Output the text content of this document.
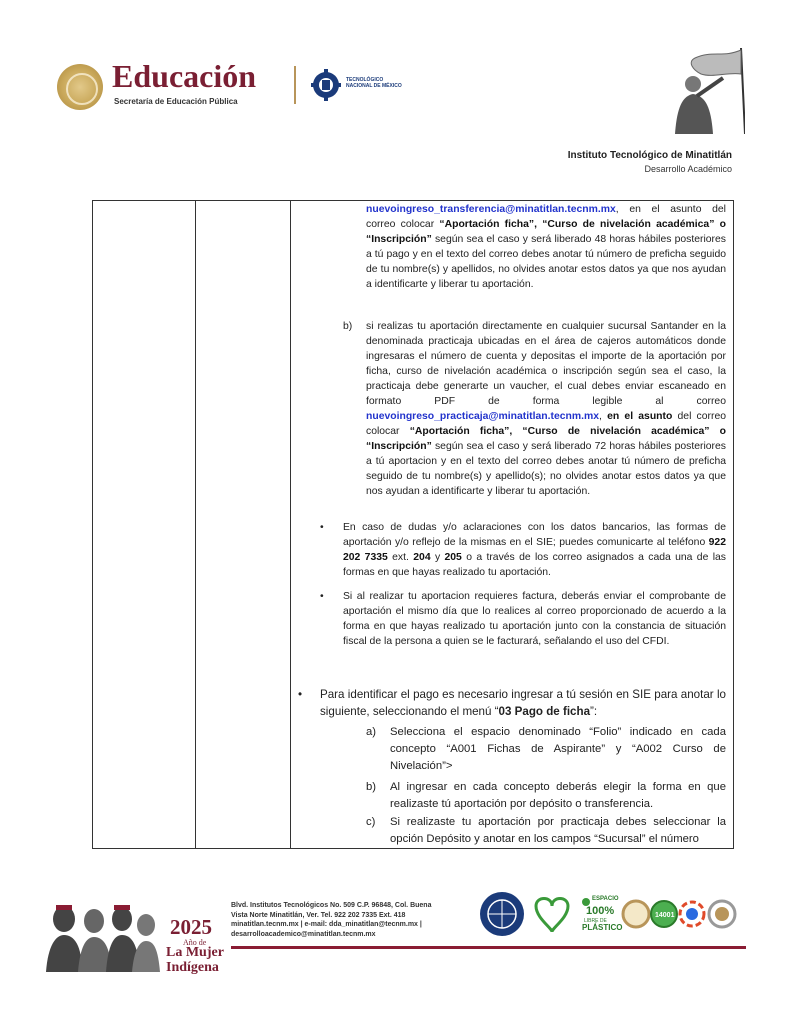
Educación
Secretaría de Educación Pública
TECNOLÓGICO
NACIONAL DE MÉXICO
Instituto Tecnológico de Minatitlán
Desarrollo Académico
nuevoingreso_transferencia@minatitlan.tecnm.mx, en el asunto del correo colocar “Aportación ficha”, “Curso de nivelación académica” o “Inscripción” según sea el caso y será liberado 48 horas hábiles posteriores a tú pago y en el texto del correo debes anotar tú número de preficha seguido de tu nombre(s) y apellidos, no olvides anotar estos datos ya que nos ayudan a identificarte y liberar tu aportación.
b) si realizas tu aportación directamente en cualquier sucursal Santander en la denominada practicaja ubicadas en el área de cajeros automáticos donde ingresaras el número de cuenta y depositas el importe de la aportación por ficha, curso de nivelación académica o inscripción según sea el caso, la practicaja debe generarte un vaucher, el cual debes enviar escaneado en formato PDF de forma legible al correo nuevoingreso_practicaja@minatitlan.tecnm.mx, en el asunto del correo colocar “Aportación ficha”, “Curso de nivelación académica” o “Inscripción” según sea el caso y será liberado 72 horas hábiles posteriores a tú aportacion y en el texto del correo debes anotar tú número de preficha seguido de tu nombre(s) y apellido(s); no olvides anotar estos datos ya que nos ayudan a identificarte y liberar tu aportación.
• En caso de dudas y/o aclaraciones con los datos bancarios, las formas de aportación y/o reflejo de la mismas en el SIE; puedes comunicarte al teléfono 922 202 7335 ext. 204 y 205 o a través de los correo asignados a cada una de las formas en que hayas realizado tu aportación.
• Si al realizar tu aportacion requieres factura, deberás enviar el comprobante de aportación el mismo día que lo realices al correo proporcionado de acuerdo a la forma en que hayas realizado tu aportación junto con la constancia de situación fiscal de la persona a quien se le facturará, señalando el uso del CFDI.
• Para identificar el pago es necesario ingresar a tú sesión en SIE para anotar lo siguiente, seleccionando el menú “03 Pago de ficha”:
a) Selecciona el espacio denominado “Folio” indicado en cada concepto “A001 Fichas de Aspirante” y “A002 Curso de Nivelación”>
b) Al ingresar en cada concepto deberás elegir la forma en que realizaste tú aportación por depósito o transferencia.
c) Si realizaste tu aportación por practicaja debes seleccionar la opción Depósito y anotar en los campos “Sucursal” el número
2025
Año de
La Mujer
Indígena
Blvd. Institutos Tecnológicos No. 509 C.P. 96848, Col. Buena
Vista Norte Minatitlán, Ver. Tel. 922 202 7335 Ext. 418
minatitlan.tecnm.mx | e-mail: dda_minatitlan@tecnm.mx |
desarrolloacademico@minatitlan.tecnm.mx
ESPACIO
100%
LIBRE DE
PLÁSTICO
14001
